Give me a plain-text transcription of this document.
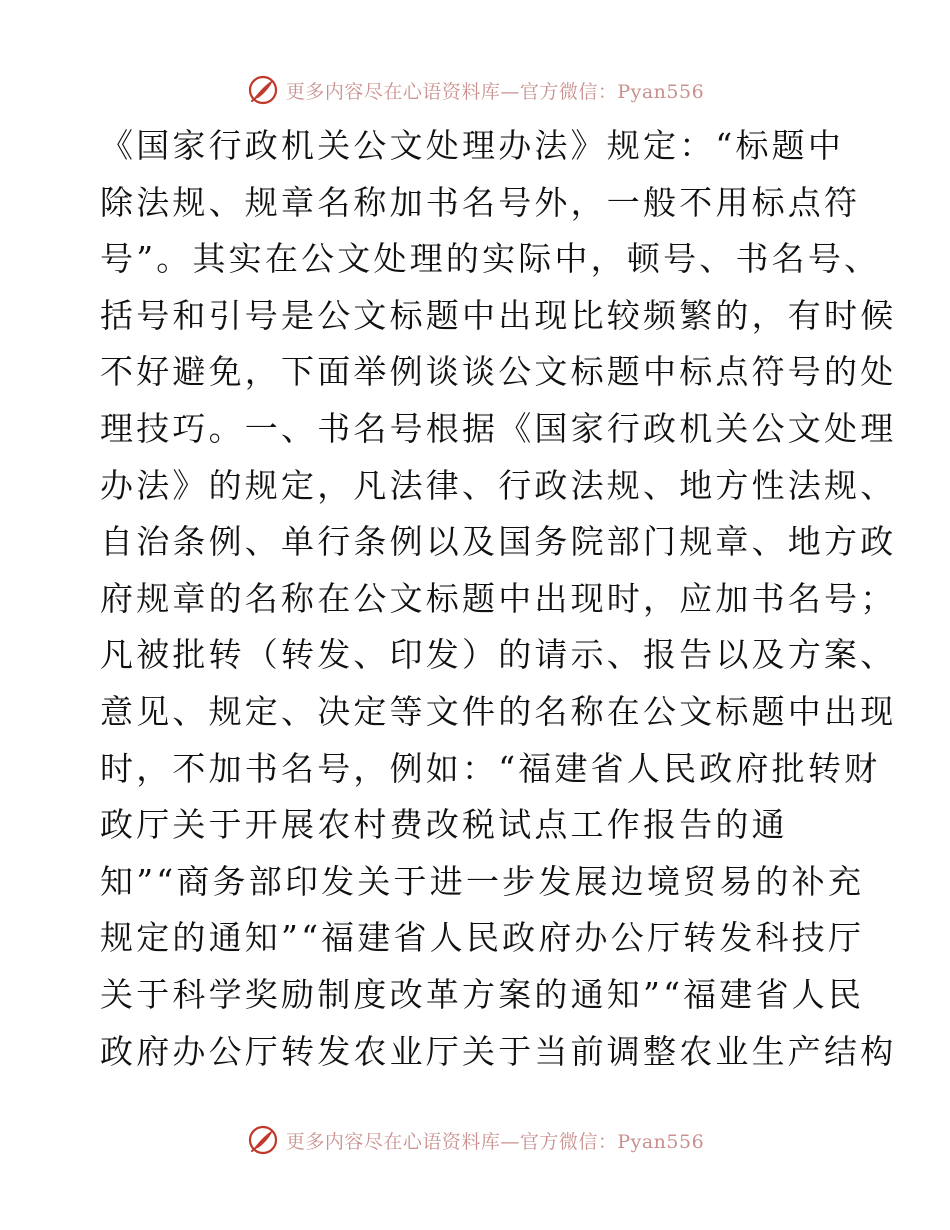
更多内容尽在心语资料库—官方微信：Pyan556
《国家行政机关公文处理办法》规定：“标题中
除法规、规章名称加书名号外，一般不用标点符
号”。其实在公文处理的实际中，顿号、书名号、
括号和引号是公文标题中出现比较频繁的，有时候
不好避免，下面举例谈谈公文标题中标点符号的处
理技巧。一、书名号根据《国家行政机关公文处理
办法》的规定，凡法律、行政法规、地方性法规、
自治条例、单行条例以及国务院部门规章、地方政
府规章的名称在公文标题中出现时，应加书名号；
凡被批转（转发、印发）的请示、报告以及方案、
意见、规定、决定等文件的名称在公文标题中出现
时，不加书名号，例如：“福建省人民政府批转财
政厅关于开展农村费改税试点工作报告的通
知”“商务部印发关于进一步发展边境贸易的补充
规定的通知”“福建省人民政府办公厅转发科技厅
关于科学奖励制度改革方案的通知”“福建省人民
政府办公厅转发农业厅关于当前调整农业生产结构
更多内容尽在心语资料库—官方微信：Pyan556
